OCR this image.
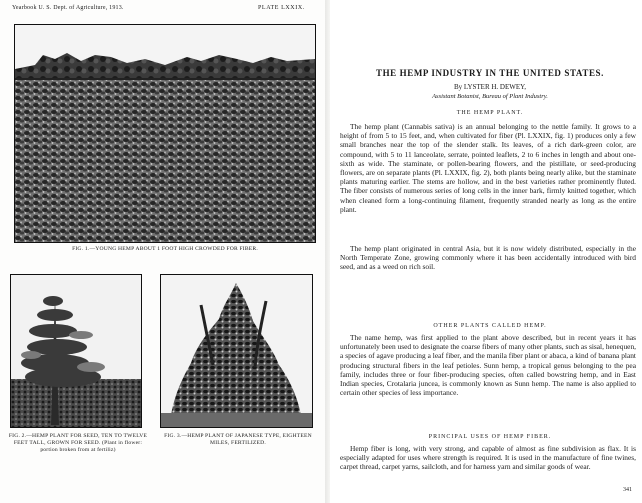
Yearbook U. S. Dept. of Agriculture, 1913.	PLATE LXXIX.
FIG. 1.—YOUNG HEMP ABOUT 1 FOOT HIGH CROWDED FOR FIBER.
FIG. 2.—HEMP PLANT FOR SEED, TEN TO TWELVE FEET TALL, GROWN FOR SEED. (Plant in flower: portion broken from at fertiliz)
FIG. 3.—HEMP PLANT OF JAPANESE TYPE, EIGHTEEN MILES, FERTILIZED.
THE HEMP INDUSTRY IN THE UNITED STATES.
By LYSTER H. DEWEY,
Assistant Botanist, Bureau of Plant Industry.
THE HEMP PLANT.
The hemp plant (Cannabis sativa) is an annual belonging to the nettle family. It grows to a height of from 5 to 15 feet, and, when cultivated for fiber (Pl. LXXIX, fig. 1) produces only a few small branches near the top of the slender stalk. Its leaves, of a rich dark-green color, are compound, with 5 to 11 lanceolate, serrate, pointed leaflets, 2 to 6 inches in length and about one-sixth as wide. The staminate, or pollen-bearing flowers, and the pistillate, or seed-producing flowers, are on separate plants (Pl. LXXIX, fig. 2), both plants being nearly alike, but the staminate plants maturing earlier. The stems are hollow, and in the best varieties rather prominently fluted. The fiber consists of numerous series of long cells in the inner bark, firmly knitted together, which when cleaned form a long-continuing filament, frequently stranded nearly as long as the entire plant.
The hemp plant originated in central Asia, but it is now widely distributed, especially in the North Temperate Zone, growing commonly where it has been accidentally introduced with bird seed, and as a weed on rich soil.
OTHER PLANTS CALLED HEMP.
The name hemp, was first applied to the plant above described, but in recent years it has unfortunately been used to designate the coarse fibers of many other plants, such as sisal, henequen, a species of agave producing a leaf fiber, and the manila fiber plant or abaca, a kind of banana plant producing structural fibers in the leaf petioles. Sunn hemp, a tropical genus belonging to the pea family, includes three or four fiber-producing species, often called bowstring hemp, and in East Indian species, Crotalaria juncea, is commonly known as Sunn hemp. The name is also applied to certain other species of less importance.
PRINCIPAL USES OF HEMP FIBER.
Hemp fiber is long, with very strong, and capable of almost as fine subdivision as flax. It is especially adapted for uses where strength is required. It is used in the manufacture of fine twines, carpet thread, carpet yarns, sailcloth, and for harness yarn and similar goods of wear.
341
